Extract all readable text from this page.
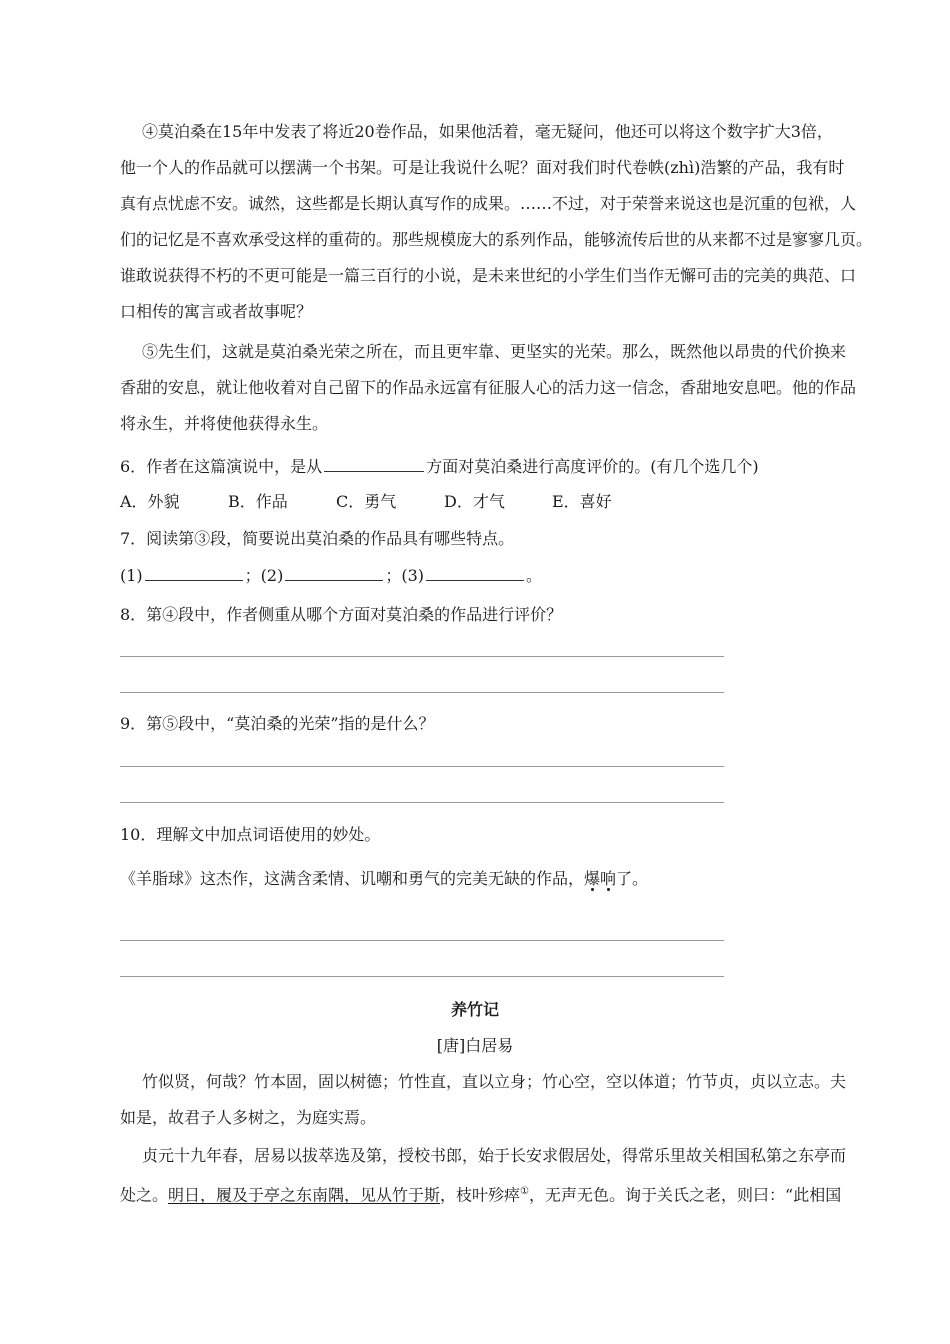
④莫泊桑在15年中发表了将近20卷作品，如果他活着，毫无疑问，他还可以将这个数字扩大3倍，
他一个人的作品就可以摆满一个书架。可是让我说什么呢？面对我们时代卷帙(zhì)浩繁的产品，我有时
真有点忧虑不安。诚然，这些都是长期认真写作的成果。……不过，对于荣誉来说这也是沉重的包袱，人
们的记忆是不喜欢承受这样的重荷的。那些规模庞大的系列作品，能够流传后世的从来都不过是寥寥几页。
谁敢说获得不朽的不更可能是一篇三百行的小说，是未来世纪的小学生们当作无懈可击的完美的典范、口
口相传的寓言或者故事呢？
⑤先生们，这就是莫泊桑光荣之所在，而且更牢靠、更坚实的光荣。那么，既然他以昂贵的代价换来
香甜的安息，就让他收着对自己留下的作品永远富有征服人心的活力这一信念，香甜地安息吧。他的作品
将永生，并将使他获得永生。
6．作者在这篇演说中，是从	方面对莫泊桑进行高度评价的。(有几个选几个)
A．外貌	B．作品	C．勇气	D．才气	E．喜好
7．阅读第③段，简要说出莫泊桑的作品具有哪些特点。
(1)	；(2)	；(3)	。
8．第④段中，作者侧重从哪个方面对莫泊桑的作品进行评价？
9．第⑤段中，“莫泊桑的光荣”指的是什么？
10．理解文中加点词语使用的妙处。
《羊脂球》这杰作，这满含柔情、讥嘲和勇气的完美无缺的作品，爆
响
了。
养竹记
[唐]白居易
竹似贤，何哉？竹本固，固以树德；竹性直，直以立身；竹心空，空以体道；竹节贞，贞以立志。夫
如是，故君子人多树之，为庭实焉。
贞元十九年春，居易以拔萃选及第，授校书郎，始于长安求假居处，得常乐里故关相国私第之东亭而
处之。明日，履及于亭之东南隅，见从竹于斯，枝叶殄瘁①，无声无色。询于关氏之老，则曰：“此相国
